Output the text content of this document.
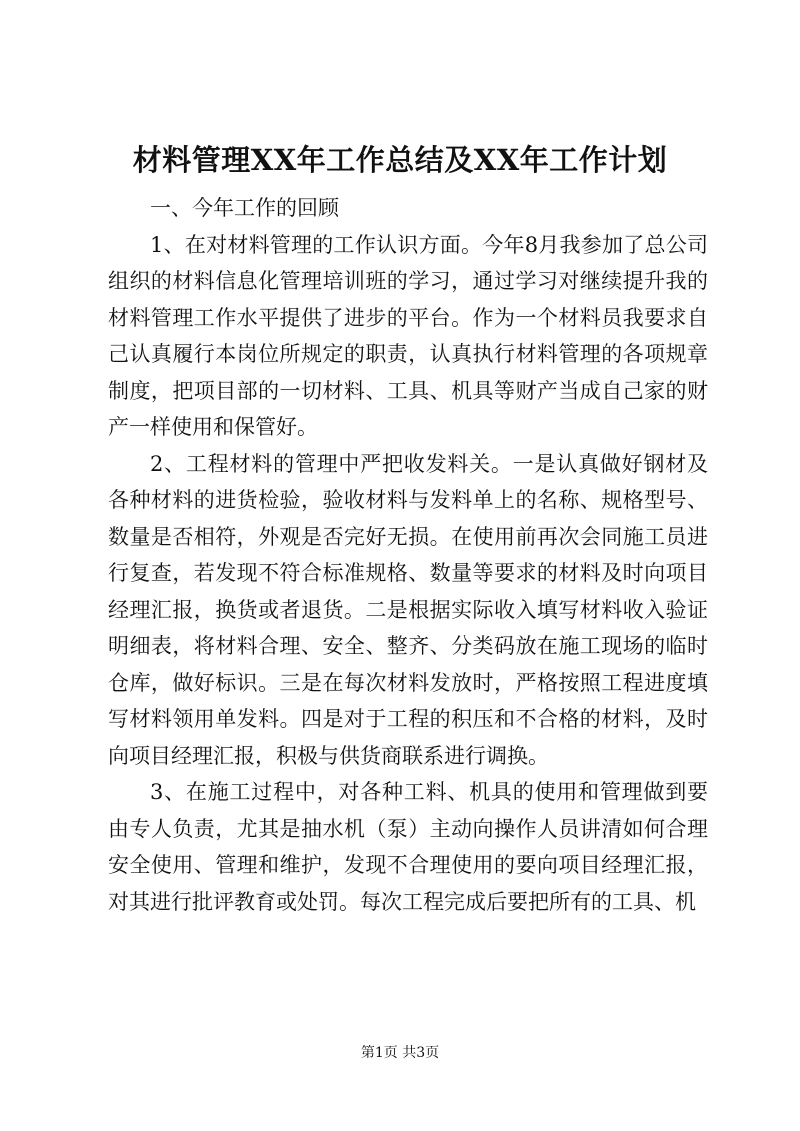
材料管理XX年工作总结及XX年工作计划

一、今年工作的回顾

1、在对材料管理的工作认识方面。今年8月我参加了总公司组织的材料信息化管理培训班的学习，通过学习对继续提升我的材料管理工作水平提供了进步的平台。作为一个材料员我要求自己认真履行本岗位所规定的职责，认真执行材料管理的各项规章制度，把项目部的一切材料、工具、机具等财产当成自己家的财产一样使用和保管好。

2、工程材料的管理中严把收发料关。一是认真做好钢材及各种材料的进货检验，验收材料与发料单上的名称、规格型号、数量是否相符，外观是否完好无损。在使用前再次会同施工员进行复查，若发现不符合标准规格、数量等要求的材料及时向项目经理汇报，换货或者退货。二是根据实际收入填写材料收入验证明细表，将材料合理、安全、整齐、分类码放在施工现场的临时仓库，做好标识。三是在每次材料发放时，严格按照工程进度填写材料领用单发料。四是对于工程的积压和不合格的材料，及时向项目经理汇报，积极与供货商联系进行调换。

3、在施工过程中，对各种工料、机具的使用和管理做到要由专人负责，尤其是抽水机（泵）主动向操作人员讲清如何合理安全使用、管理和维护，发现不合理使用的要向项目经理汇报，对其进行批评教育或处罚。每次工程完成后要把所有的工具、机

第1页 共3页
